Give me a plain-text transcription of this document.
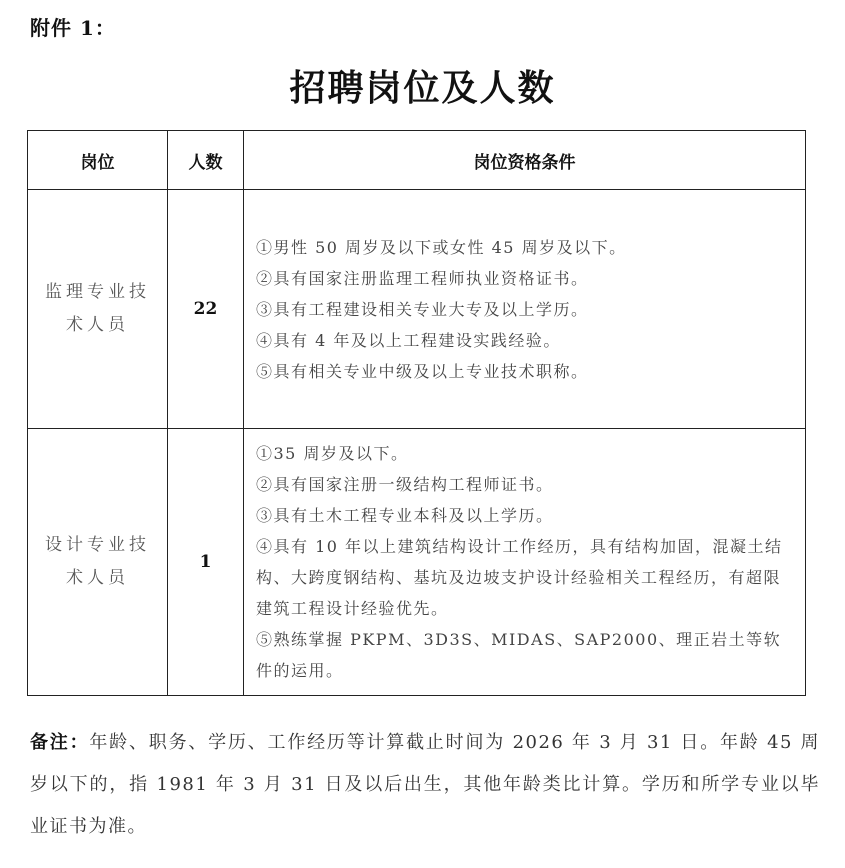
附件 1：
招聘岗位及人数
岗位	人数	岗位资格条件
监理专业技术人员	22	①男性 50 周岁及以下或女性 45 周岁及以下。
②具有国家注册监理工程师执业资格证书。
③具有工程建设相关专业大专及以上学历。
④具有 4 年及以上工程建设实践经验。
⑤具有相关专业中级及以上专业技术职称。

设计专业技术人员	1	①35 周岁及以下。
②具有国家注册一级结构工程师证书。
③具有土木工程专业本科及以上学历。
④具有 10 年以上建筑结构设计工作经历，具有结构加固，混凝土结构、大跨度钢结构、基坑及边坡支护设计经验相关工程经历，有超限建筑工程设计经验优先。
⑤熟练掌握 PKPM、3D3S、MIDAS、SAP2000、理正岩土等软件的运用。
备注：年龄、职务、学历、工作经历等计算截止时间为 2026 年 3 月 31 日。年龄 45 周岁以下的，指 1981 年 3 月 31 日及以后出生，其他年龄类比计算。学历和所学专业以毕业证书为准。
